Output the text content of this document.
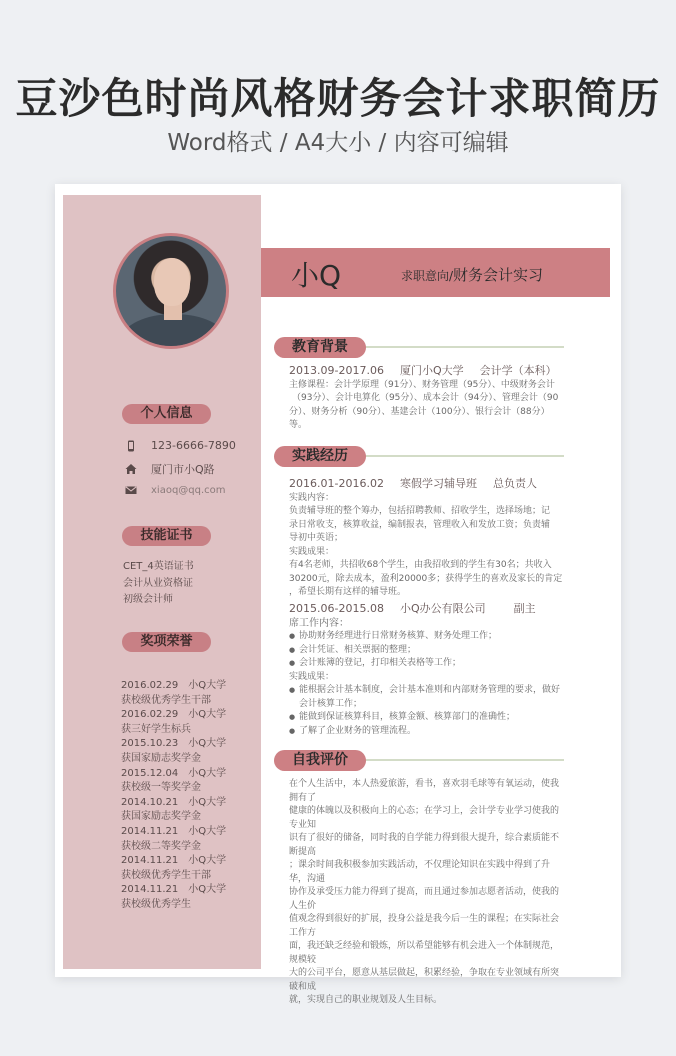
豆沙色时尚风格财务会计求职简历
Word格式 / A4大小 / 内容可编辑
个人信息
123-6666-7890
厦门市小Q路
xiaoq@qq.com
技能证书
CET_4英语证书
会计从业资格证
初级会计师
奖项荣誉
2016.02.29 小Q大学
获校级优秀学生干部
2016.02.29 小Q大学
获三好学生标兵
2015.10.23 小Q大学
获国家励志奖学金
2015.12.04 小Q大学
获校级一等奖学金
2014.10.21 小Q大学
获国家励志奖学金
2014.11.21 小Q大学
获校级二等奖学金
2014.11.21 小Q大学
获校级优秀学生干部
2014.11.21 小Q大学
获校级优秀学生
小Q	求职意向/财务会计实习
教育背景
2013.09-2017.06 厦门小Q大学 会计学（本科）

主修课程：会计学原理（91分）、财务管理（95分）、中级财务会计

（93分）、会计电算化（95分）、成本会计（94分）、管理会计（90

分）、财务分析（90分）、基建会计（100分）、银行会计（88分）等。

实践经历
2016.01-2016.02 寒假学习辅导班 总负责人

实践内容：

负责辅导班的整个筹办，包括招聘教师、招收学生，选择场地；记

录日常收支，核算收益，编制报表，管理收入和发放工资；负责辅

导初中英语；

实践成果：

有4名老师，共招收68个学生，由我招收到的学生有30名；共收入

30200元，除去成本，盈利20000多；获得学生的喜欢及家长的肯定

，希望长期有这样的辅导班。

2015.06-2015.08 小Q办公有限公司	副主

席工作内容：

● 协助财务经理进行日常财务核算、财务处理工作；
● 会计凭证、相关票据的整理；
● 会计账簿的登记，打印相关表格等工作；

实践成果：

● 能根据会计基本制度，会计基本准则和内部财务管理的要求，做好会计核算工作；
● 能做到保证核算科目，核算金额、核算部门的准确性；
● 了解了企业财务的管理流程。
自我评价

在个人生活中，本人热爱旅游，看书，喜欢羽毛球等有氧运动，使我拥有了

健康的体魄以及积极向上的心态；在学习上，会计学专业学习使我的专业知

识有了很好的储备，同时我的自学能力得到很大提升，综合素质能不断提高

；课余时间我积极参加实践活动，不仅理论知识在实践中得到了升华，沟通

协作及承受压力能力得到了提高，而且通过参加志愿者活动，使我的人生价

值观念得到很好的扩展，投身公益是我今后一生的课程；在实际社会工作方

面，我还缺乏经验和锻炼，所以希望能够有机会进入一个体制规范，规模较

大的公司平台，愿意从基层做起，积累经验，争取在专业领域有所突破和成

就，实现自己的职业规划及人生目标。
